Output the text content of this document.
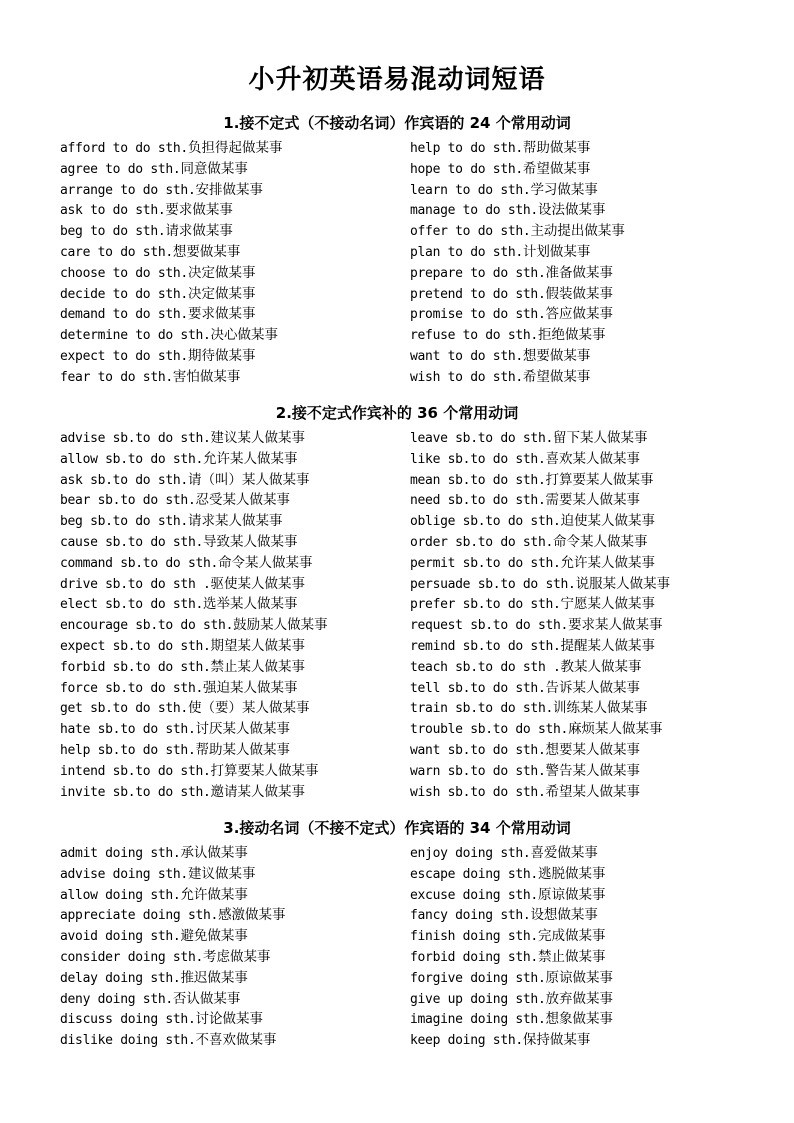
小升初英语易混动词短语
1.接不定式（不接动名词）作宾语的 24 个常用动词
afford to do sth.负担得起做某事
agree to do sth.同意做某事
arrange to do sth.安排做某事
ask to do sth.要求做某事
beg to do sth.请求做某事
care to do sth.想要做某事
choose to do sth.决定做某事
decide to do sth.决定做某事
demand to do sth.要求做某事
determine to do sth.决心做某事
expect to do sth.期待做某事
fear to do sth.害怕做某事
help to do sth.帮助做某事
hope to do sth.希望做某事
learn to do sth.学习做某事
manage to do sth.设法做某事
offer to do sth.主动提出做某事
plan to do sth.计划做某事
prepare to do sth.准备做某事
pretend to do sth.假装做某事
promise to do sth.答应做某事
refuse to do sth.拒绝做某事
want to do sth.想要做某事
wish to do sth.希望做某事
2.接不定式作宾补的 36 个常用动词
advise sb.to do sth.建议某人做某事
allow sb.to do sth.允许某人做某事
ask sb.to do sth.请（叫）某人做某事
bear sb.to do sth.忍受某人做某事
beg sb.to do sth.请求某人做某事
cause sb.to do sth.导致某人做某事
command sb.to do sth.命令某人做某事
drive sb.to do sth .驱使某人做某事
elect sb.to do sth.选举某人做某事
encourage sb.to do sth.鼓励某人做某事
expect sb.to do sth.期望某人做某事
forbid sb.to do sth.禁止某人做某事
force sb.to do sth.强迫某人做某事
get sb.to do sth.使（要）某人做某事
hate sb.to do sth.讨厌某人做某事
help sb.to do sth.帮助某人做某事
intend sb.to do sth.打算要某人做某事
invite sb.to do sth.邀请某人做某事
leave sb.to do sth.留下某人做某事
like sb.to do sth.喜欢某人做某事
mean sb.to do sth.打算要某人做某事
need sb.to do sth.需要某人做某事
oblige sb.to do sth.迫使某人做某事
order sb.to do sth.命令某人做某事
permit sb.to do sth.允许某人做某事
persuade sb.to do sth.说服某人做某事
prefer sb.to do sth.宁愿某人做某事
request sb.to do sth.要求某人做某事
remind sb.to do sth.提醒某人做某事
teach sb.to do sth .教某人做某事
tell sb.to do sth.告诉某人做某事
train sb.to do sth.训练某人做某事
trouble sb.to do sth.麻烦某人做某事
want sb.to do sth.想要某人做某事
warn sb.to do sth.警告某人做某事
wish sb.to do sth.希望某人做某事
3.接动名词（不接不定式）作宾语的 34 个常用动词
admit doing sth.承认做某事
advise doing sth.建议做某事
allow doing sth.允许做某事
appreciate doing sth.感激做某事
avoid doing sth.避免做某事
consider doing sth.考虑做某事
delay doing sth.推迟做某事
deny doing sth.否认做某事
discuss doing sth.讨论做某事
dislike doing sth.不喜欢做某事
enjoy doing sth.喜爱做某事
escape doing sth.逃脱做某事
excuse doing sth.原谅做某事
fancy doing sth.设想做某事
finish doing sth.完成做某事
forbid doing sth.禁止做某事
forgive doing sth.原谅做某事
give up doing sth.放弃做某事
imagine doing sth.想象做某事
keep doing sth.保持做某事
